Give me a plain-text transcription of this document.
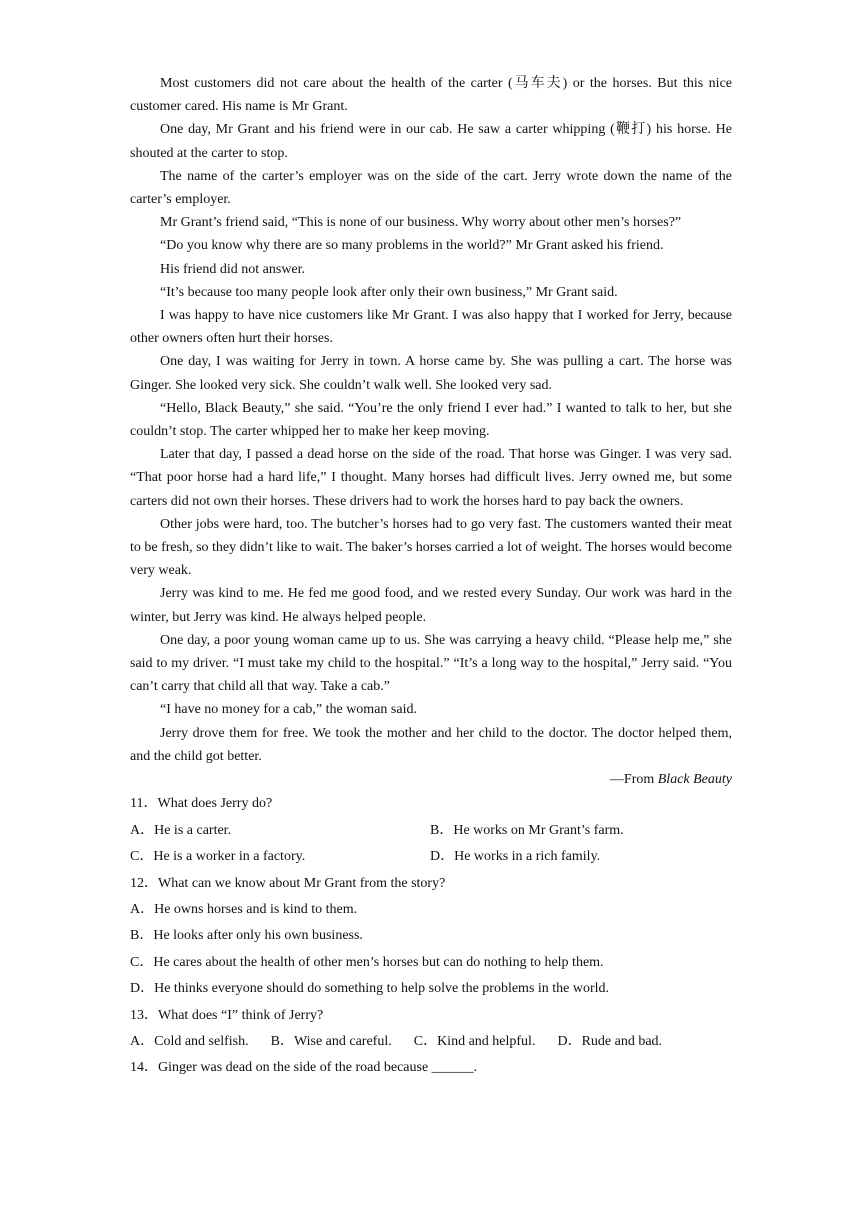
Most customers did not care about the health of the carter (马车夫) or the horses. But this nice customer cared. His name is Mr Grant.

One day, Mr Grant and his friend were in our cab. He saw a carter whipping (鞭打) his horse. He shouted at the carter to stop.

The name of the carter’s employer was on the side of the cart. Jerry wrote down the name of the carter’s employer.

Mr Grant’s friend said, “This is none of our business. Why worry about other men’s horses?”

“Do you know why there are so many problems in the world?” Mr Grant asked his friend.

His friend did not answer.

“It’s because too many people look after only their own business,” Mr Grant said.

I was happy to have nice customers like Mr Grant. I was also happy that I worked for Jerry, because other owners often hurt their horses.

One day, I was waiting for Jerry in town. A horse came by. She was pulling a cart. The horse was Ginger. She looked very sick. She couldn’t walk well. She looked very sad.

“Hello, Black Beauty,” she said. “You’re the only friend I ever had.” I wanted to talk to her, but she couldn’t stop. The carter whipped her to make her keep moving.

Later that day, I passed a dead horse on the side of the road. That horse was Ginger. I was very sad. “That poor horse had a hard life,” I thought. Many horses had difficult lives. Jerry owned me, but some carters did not own their horses. These drivers had to work the horses hard to pay back the owners.

Other jobs were hard, too. The butcher’s horses had to go very fast. The customers wanted their meat to be fresh, so they didn’t like to wait. The baker’s horses carried a lot of weight. The horses would become very weak.

Jerry was kind to me. He fed me good food, and we rested every Sunday. Our work was hard in the winter, but Jerry was kind. He always helped people.

One day, a poor young woman came up to us. She was carrying a heavy child. “Please help me,” she said to my driver. “I must take my child to the hospital.” “It’s a long way to the hospital,” Jerry said. “You can’t carry that child all that way. Take a cab.”

“I have no money for a cab,” the woman said.

Jerry drove them for free. We took the mother and her child to the doctor. The doctor helped them, and the child got better.

—From Black Beauty

11．What does Jerry do?

A．He is a carter.	B．He works on Mr Grant’s farm.
C．He is a worker in a factory.	D．He works in a rich family.

12．What can we know about Mr Grant from the story?

A．He owns horses and is kind to them.

B．He looks after only his own business.

C．He cares about the health of other men’s horses but can do nothing to help them.

D．He thinks everyone should do something to help solve the problems in the world.

13．What does “I” think of Jerry?

A．Cold and selfish. B．Wise and careful. C．Kind and helpful. D．Rude and bad.

14．Ginger was dead on the side of the road because ______.
